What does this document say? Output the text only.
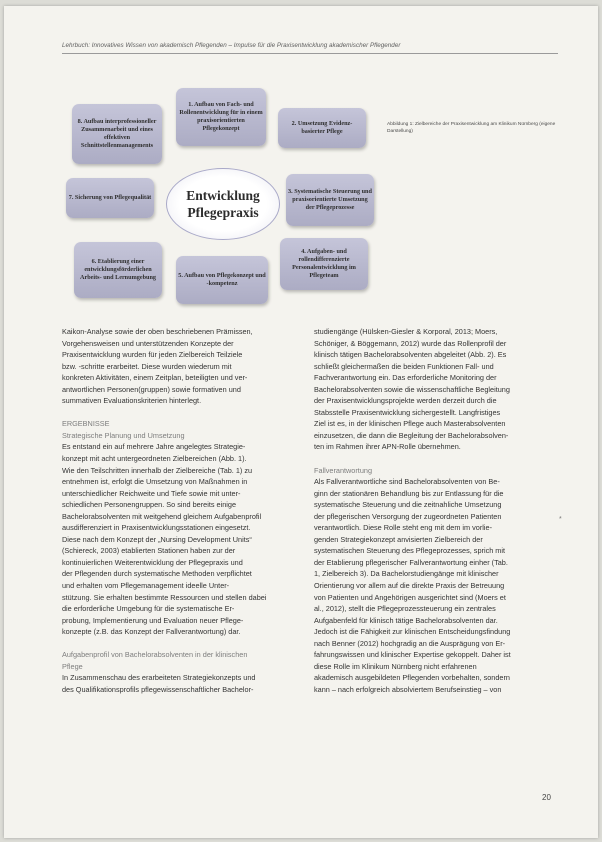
Lehrbuch: Innovatives Wissen von akademisch Pflegenden – Impulse für die Praxisentwicklung akademischer Pflegender
1. Aufbau von Fach- und Rollenentwicklung für in einem praxisorientierten Pflegekonzept
8. Aufbau interprofessioneller Zusammenarbeit und eines effektiven Schnittstellenmanagements
2. Umsetzung Evidenz-basierter Pflege
7. Sicherung von Pflegequalität
3. Systematische Steuerung und praxisorientierte Umsetzung der Pflegeprozesse
6. Etablierung einer entwicklungsförderlichen Arbeits- und Lernumgebung
4. Aufgaben- und rollendifferenzierte Personalentwicklung im Pflegeteam
5. Aufbau von Pflegekonzept und -kompetenz
Entwicklung
Pflegepraxis
Abbildung 1: Zielbereiche der Praxisentwicklung am Klinikum Nürnberg (eigene Darstellung)
Kaikon-Analyse sowie der oben beschriebenen Prämissen,
Vorgehensweisen und unterstützenden Konzepte der
Praxisentwicklung wurden für jeden Zielbereich Teilziele
bzw. -schritte erarbeitet. Diese wurden wiederum mit
konkreten Aktivitäten, einem Zeitplan, beteiligten und ver-
antwortlichen Personen(gruppen) sowie formativen und
summativen Evaluationskriterien hinterlegt.
ERGEBNISSE
Strategische Planung und Umsetzung
Es entstand ein auf mehrere Jahre angelegtes Strategie-
konzept mit acht untergeordneten Zielbereichen (Abb. 1).
Wie den Teilschritten innerhalb der Zielbereiche (Tab. 1) zu
entnehmen ist, erfolgt die Umsetzung von Maßnahmen in
unterschiedlicher Reichweite und Tiefe sowie mit unter-
schiedlichen Personengruppen. So sind bereits einige
Bachelorabsolventen mit weitgehend gleichem Aufgabenprofil
ausdifferenziert in Praxisentwicklungsstationen eingesetzt.
Diese nach dem Konzept der „Nursing Development Units“
(Schiereck, 2003) etablierten Stationen haben zur der
kontinuierlichen Weiterentwicklung der Pflegepraxis und
der Pflegenden durch systematische Methoden verpflichtet
und erhalten vom Pflegemanagement ideelle Unter-
stützung. Sie erhalten bestimmte Ressourcen und stellen dabei
die erforderliche Umgebung für die systematische Er-
probung, Implementierung und Evaluation neuer Pflege-
konzepte (z.B. das Konzept der Fallverantwortung) dar.
Aufgabenprofil von Bachelorabsolventen in der klinischen
Pflege
In Zusammenschau des erarbeiteten Strategiekonzepts und
des Qualifikationsprofils pflegewissenschaftlicher Bachelor-
studiengänge (Hülsken-Giesler & Korporal, 2013; Moers,
Schöniger, & Böggemann, 2012) wurde das Rollenprofil der
klinisch tätigen Bachelorabsolventen abgeleitet (Abb. 2). Es
schließt gleichermaßen die beiden Funktionen Fall- und
Fachverantwortung ein. Das erforderliche Monitoring der
Bachelorabsolventen sowie die wissenschaftliche Begleitung
der Praxisentwicklungsprojekte werden derzeit durch die
Stabsstelle Praxisentwicklung sichergestellt. Langfristiges
Ziel ist es, in der klinischen Pflege auch Masterabsolventen
einzusetzen, die dann die Begleitung der Bachelorabsolven-
ten im Rahmen ihrer APN-Rolle übernehmen.
Fallverantwortung
Als Fallverantwortliche sind Bachelorabsolventen von Be-
ginn der stationären Behandlung bis zur Entlassung für die
systematische Steuerung und die zeitnahliche Umsetzung
der pflegerischen Versorgung der zugeordneten Patienten
verantwortlich. Diese Rolle steht eng mit dem im vorlie-
genden Strategiekonzept anvisierten Zielbereich der
systematischen Steuerung des Pflegeprozesses, sprich mit
der Etablierung pflegerischer Fallverantwortung einher (Tab.
1, Zielbereich 3). Da Bachelorstudiengänge mit klinischer
Orientierung vor allem auf die direkte Praxis der Betreuung
von Patienten und Angehörigen ausgerichtet sind (Moers et
al., 2012), stellt die Pflegeprozessteuerung ein zentrales
Aufgabenfeld für klinisch tätige Bachelorabsolventen dar.
Jedoch ist die Fähigkeit zur klinischen Entscheidungsfindung
nach Benner (2012) hochgradig an die Ausprägung von Er-
fahrungswissen und klinischer Expertise gekoppelt. Daher ist
diese Rolle im Klinikum Nürnberg nicht erfahrenen
akademisch ausgebildeten Pflegenden vorbehalten, sondern
kann – nach erfolgreich absolviertem Berufseinstieg – von
*
20
